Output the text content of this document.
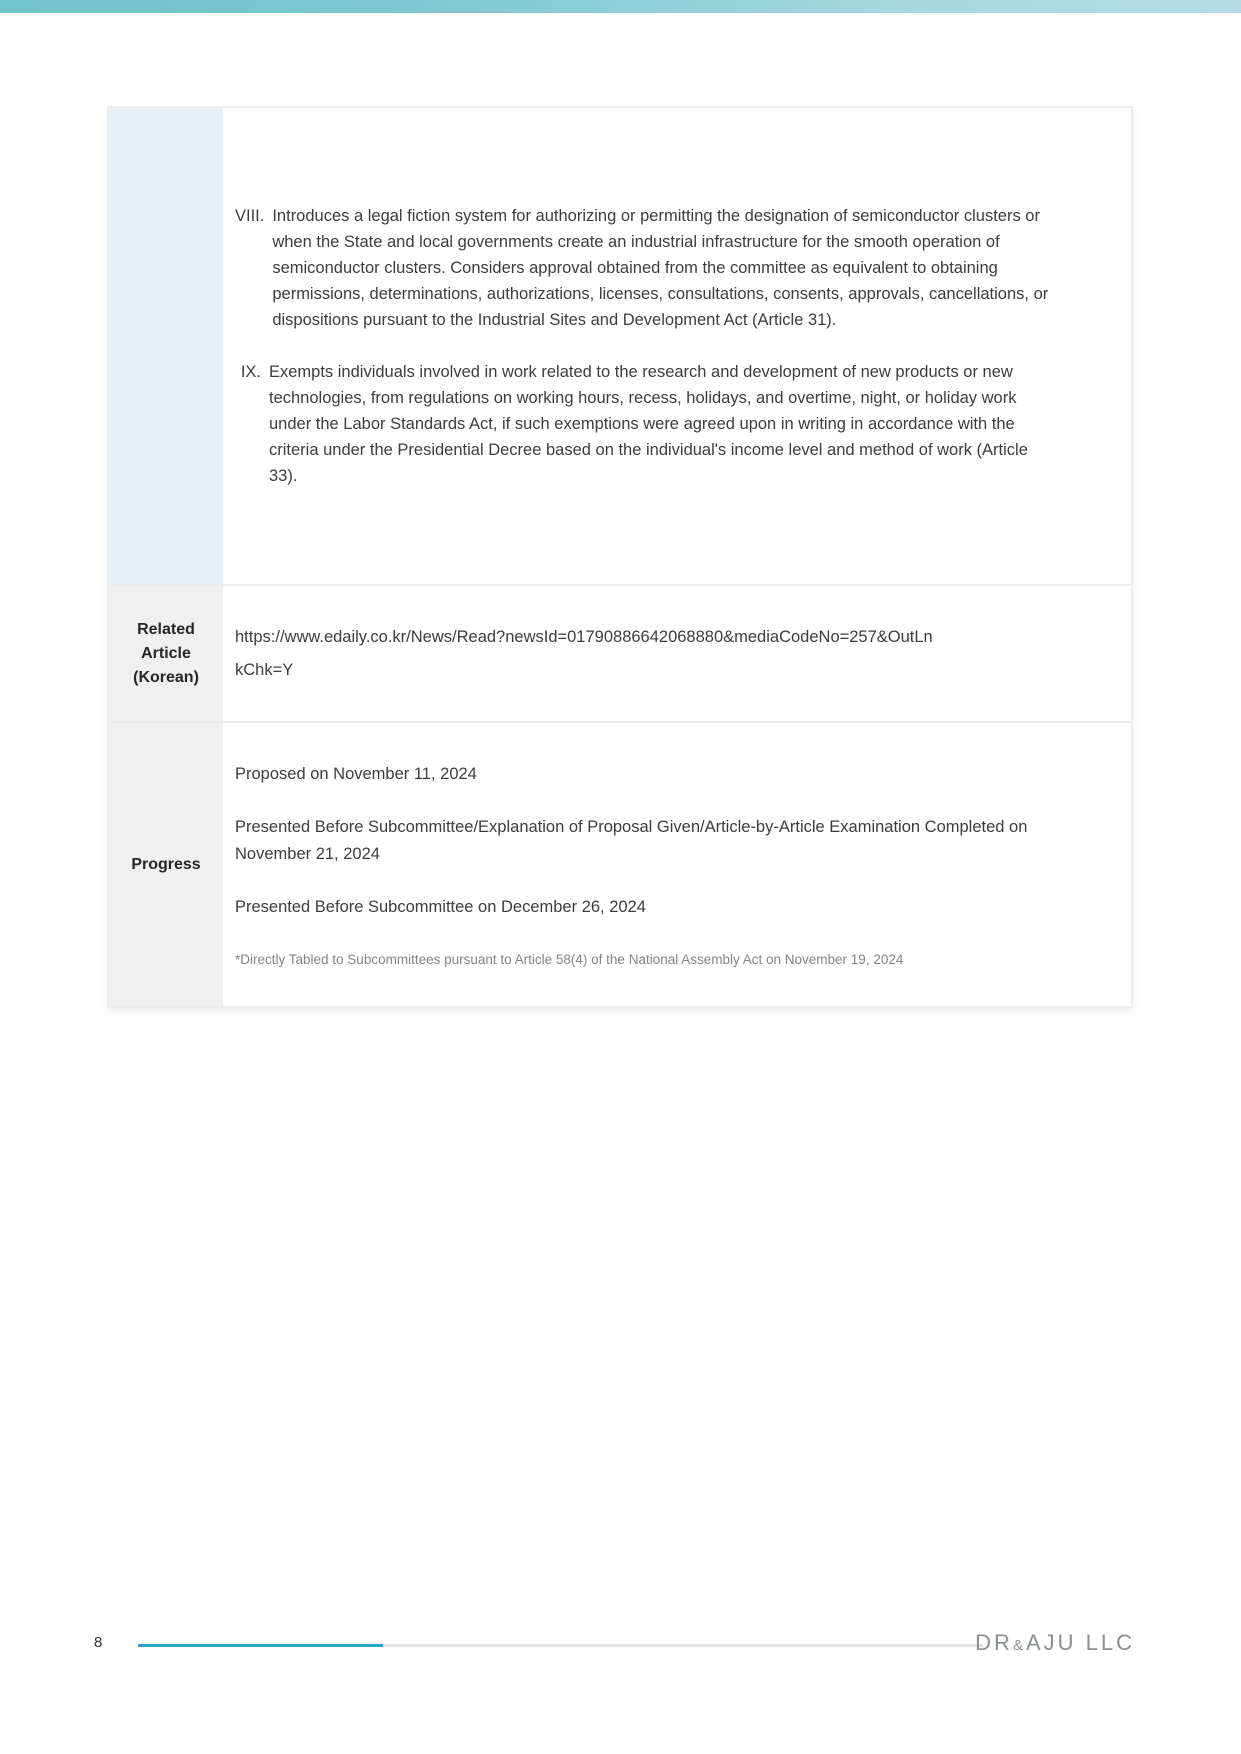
VIII. Introduces a legal fiction system for authorizing or permitting the designation of semiconductor clusters or when the State and local governments create an industrial infrastructure for the smooth operation of semiconductor clusters. Considers approval obtained from the committee as equivalent to obtaining permissions, determinations, authorizations, licenses, consultations, consents, approvals, cancellations, or dispositions pursuant to the Industrial Sites and Development Act (Article 31).
IX. Exempts individuals involved in work related to the research and development of new products or new technologies, from regulations on working hours, recess, holidays, and overtime, night, or holiday work under the Labor Standards Act, if such exemptions were agreed upon in writing in accordance with the criteria under the Presidential Decree based on the individual's income level and method of work (Article 33).
Related Article (Korean)
https://www.edaily.co.kr/News/Read?newsId=01790886642068880&mediaCodeNo=257&OutLnkChk=Y
Progress

Proposed on November 11, 2024

Presented Before Subcommittee/Explanation of Proposal Given/Article-by-Article Examination Completed on November 21, 2024

Presented Before Subcommittee on December 26, 2024

*Directly Tabled to Subcommittees pursuant to Article 58(4) of the National Assembly Act on November 19, 2024

8	DR&AJU LLC
